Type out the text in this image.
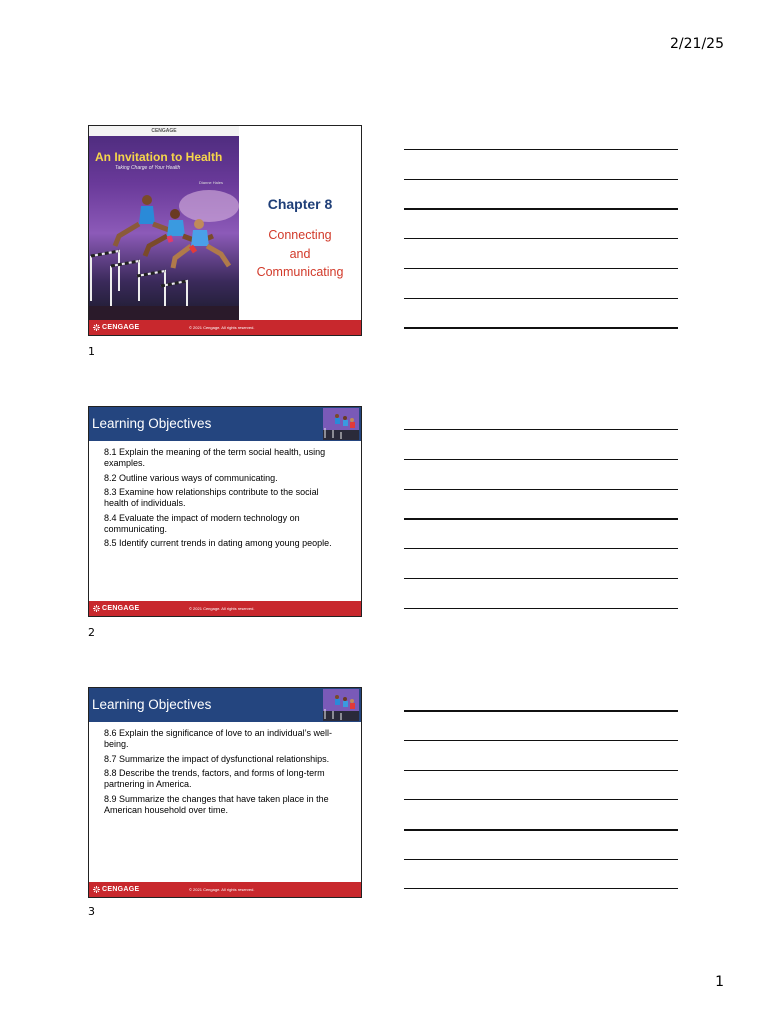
2/21/25
CENGAGE
An Invitation to Health
Taking Charge of Your Health
Dianne Hales
Chapter 8
Connecting
and
Communicating
CENGAGE	© 2021 Cengage. All rights reserved.
1
Learning Objectives
8.1 Explain the meaning of the term social health, using examples.
8.2 Outline various ways of communicating.
8.3 Examine how relationships contribute to the social health of individuals.
8.4 Evaluate the impact of modern technology on communicating.
8.5 Identify current trends in dating among young people.
CENGAGE	© 2021 Cengage. All rights reserved.
2
Learning Objectives
8.6 Explain the significance of love to an individual’s well-being.
8.7 Summarize the impact of dysfunctional relationships.
8.8 Describe the trends, factors, and forms of long-term partnering in America.
8.9 Summarize the changes that have taken place in the American household over time.
CENGAGE	© 2021 Cengage. All rights reserved.
3
1
